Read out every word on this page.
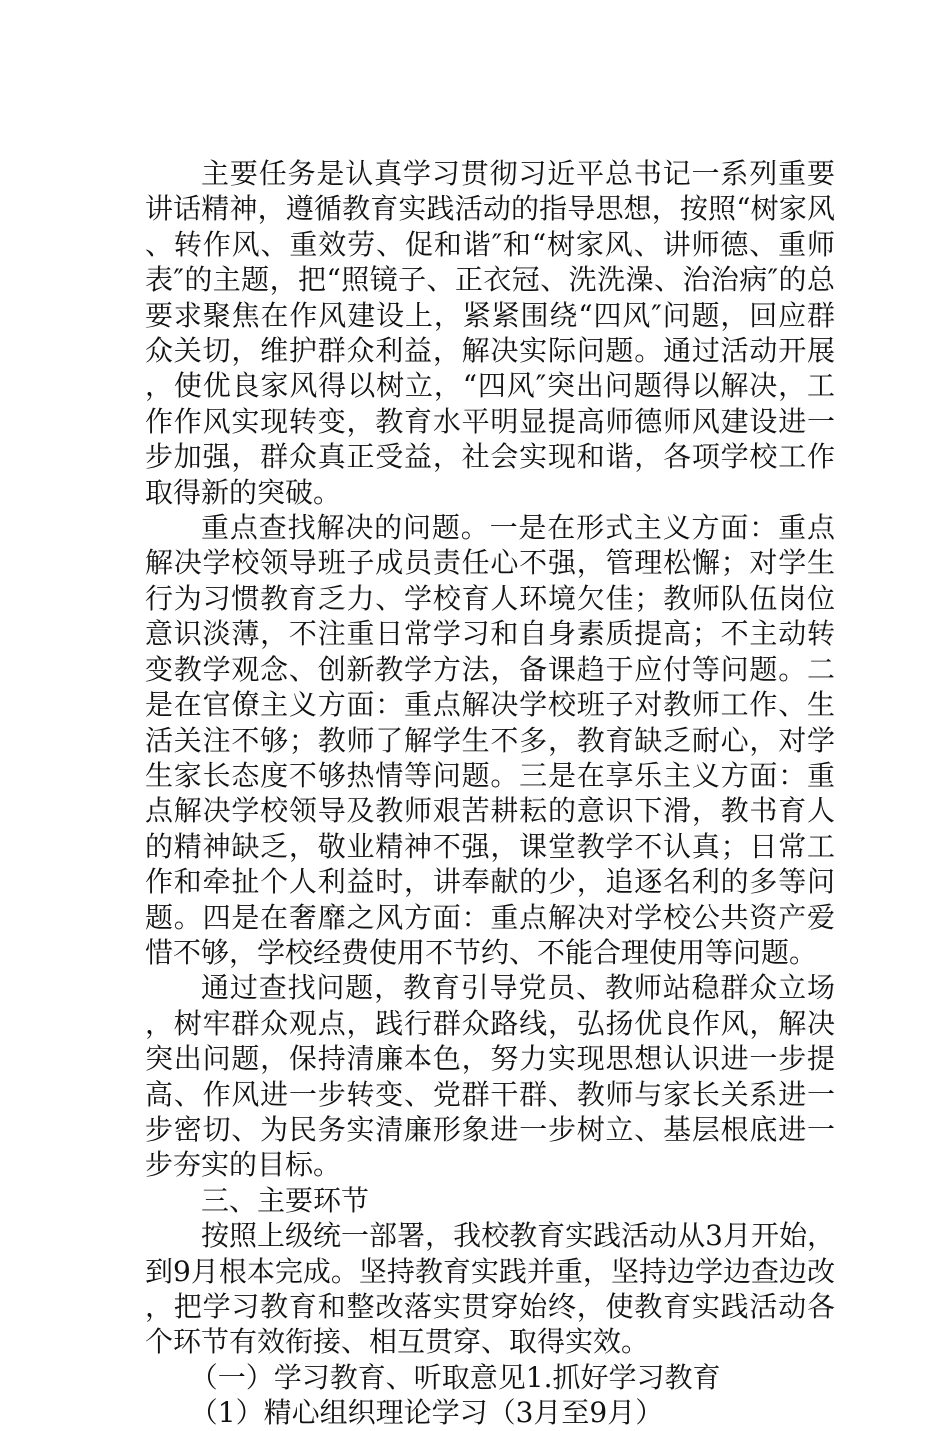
主要任务是认真学习贯彻习近平总书记一系列重要讲话精神，遵循教育实践活动的指导思想，按照“树家风、转作风、重效劳、促和谐″和“树家风、讲师德、重师表″的主题，把“照镜子、正衣冠、洗洗澡、治治病″的总要求聚焦在作风建设上，紧紧围绕“四风″问题，回应群众关切，维护群众利益，解决实际问题。通过活动开展，使优良家风得以树立，“四风″突出问题得以解决，工作作风实现转变，教育水平明显提高师德师风建设进一步加强，群众真正受益，社会实现和谐，各项学校工作取得新的突破。

重点查找解决的问题。一是在形式主义方面：重点解决学校领导班子成员责任心不强，管理松懈；对学生行为习惯教育乏力、学校育人环境欠佳；教师队伍岗位意识淡薄，不注重日常学习和自身素质提高；不主动转变教学观念、创新教学方法，备课趋于应付等问题。二是在官僚主义方面：重点解决学校班子对教师工作、生活关注不够；教师了解学生不多，教育缺乏耐心，对学生家长态度不够热情等问题。三是在享乐主义方面：重点解决学校领导及教师艰苦耕耘的意识下滑，教书育人的精神缺乏，敬业精神不强，课堂教学不认真；日常工作和牵扯个人利益时，讲奉献的少，追逐名利的多等问题。四是在奢靡之风方面：重点解决对学校公共资产爱惜不够，学校经费使用不节约、不能合理使用等问题。

通过查找问题，教育引导党员、教师站稳群众立场，树牢群众观点，践行群众路线，弘扬优良作风，解决突出问题，保持清廉本色，努力实现思想认识进一步提高、作风进一步转变、党群干群、教师与家长关系进一步密切、为民务实清廉形象进一步树立、基层根底进一步夯实的目标。

三、主要环节

按照上级统一部署，我校教育实践活动从3月开始，到9月根本完成。坚持教育实践并重，坚持边学边查边改，把学习教育和整改落实贯穿始终，使教育实践活动各个环节有效衔接、相互贯穿、取得实效。

（一）学习教育、听取意见1.抓好学习教育

（1）精心组织理论学习（3月至9月）
